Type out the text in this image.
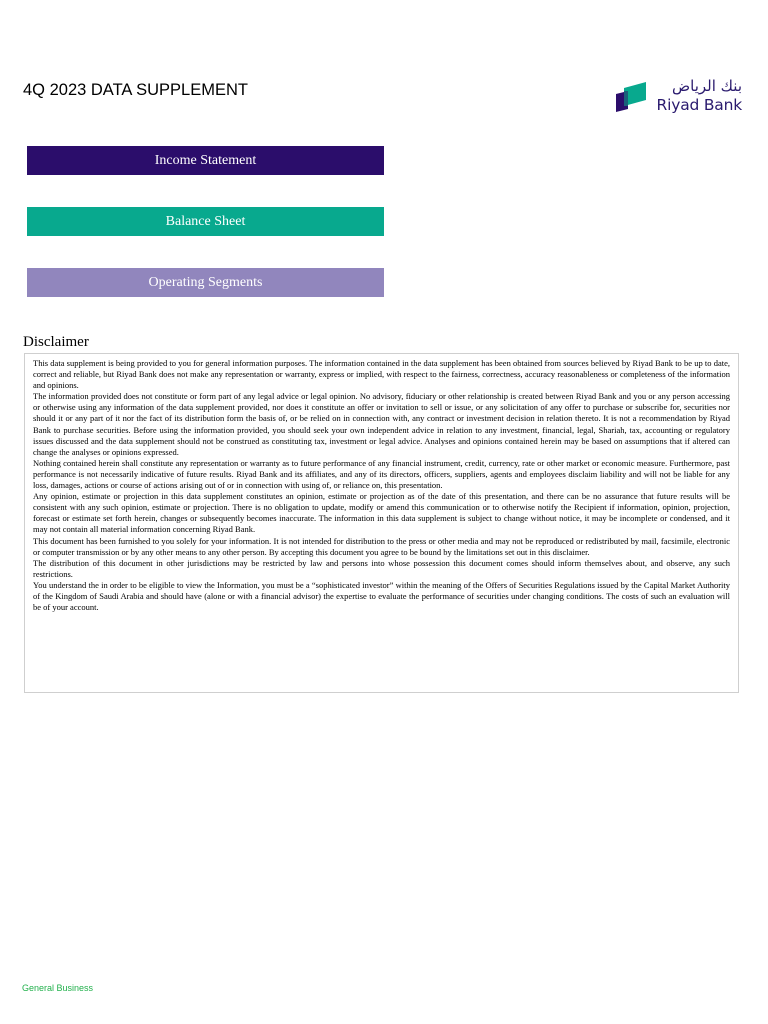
4Q 2023 DATA SUPPLEMENT	بنك الرياض
Riyad Bank
Income Statement
Balance Sheet
Operating Segments
Disclaimer

This data supplement is being provided to you for general information purposes. The information contained in the data supplement has been obtained from sources believed by Riyad Bank to be up to date, correct and reliable, but Riyad Bank does not make any representation or warranty, express or implied, with respect to the fairness, correctness, accuracy reasonableness or completeness of the information and opinions.

The information provided does not constitute or form part of any legal advice or legal opinion. No advisory, fiduciary or other relationship is created between Riyad Bank and you or any person accessing or otherwise using any information of the data supplement provided, nor does it constitute an offer or invitation to sell or issue, or any solicitation of any offer to purchase or subscribe for, securities nor should it or any part of it nor the fact of its distribution form the basis of, or be relied on in connection with, any contract or investment decision in relation thereto. It is not a recommendation by Riyad Bank to purchase securities. Before using the information provided, you should seek your own independent advice in relation to any investment, financial, legal, Shariah, tax, accounting or regulatory issues discussed and the data supplement should not be construed as constituting tax, investment or legal advice. Analyses and opinions contained herein may be based on assumptions that if altered can change the analyses or opinions expressed.

Nothing contained herein shall constitute any representation or warranty as to future performance of any financial instrument, credit, currency, rate or other market or economic measure. Furthermore, past performance is not necessarily indicative of future results. Riyad Bank and its affiliates, and any of its directors, officers, suppliers, agents and employees disclaim liability and will not be liable for any loss, damages, actions or course of actions arising out of or in connection with using of, or reliance on, this presentation.

Any opinion, estimate or projection in this data supplement constitutes an opinion, estimate or projection as of the date of this presentation, and there can be no assurance that future results will be consistent with any such opinion, estimate or projection. There is no obligation to update, modify or amend this communication or to otherwise notify the Recipient if information, opinion, projection, forecast or estimate set forth herein, changes or subsequently becomes inaccurate. The information in this data supplement is subject to change without notice, it may be incomplete or condensed, and it may not contain all material information concerning Riyad Bank.

This document has been furnished to you solely for your information. It is not intended for distribution to the press or other media and may not be reproduced or redistributed by mail, facsimile, electronic or computer transmission or by any other means to any other person. By accepting this document you agree to be bound by the limitations set out in this disclaimer.

The distribution of this document in other jurisdictions may be restricted by law and persons into whose possession this document comes should inform themselves about, and observe, any such restrictions.

You understand the in order to be eligible to view the Information, you must be a “sophisticated investor” within the meaning of the Offers of Securities Regulations issued by the Capital Market Authority of the Kingdom of Saudi Arabia and should have (alone or with a financial advisor) the expertise to evaluate the performance of securities under changing conditions. The costs of such an evaluation will be of your account.

General Business
